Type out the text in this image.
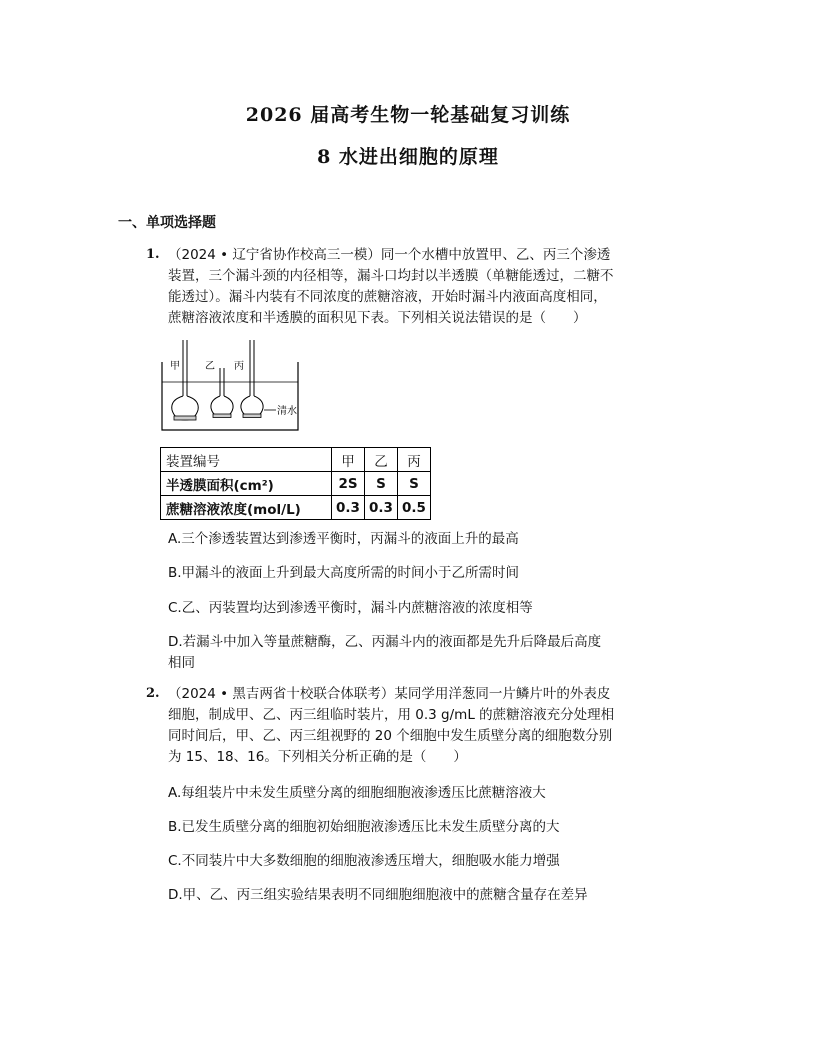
2026 届高考生物一轮基础复习训练
8 水进出细胞的原理
一、单项选择题
1. （2024 • 辽宁省协作校高三一模）同一个水槽中放置甲、乙、丙三个渗透
装置，三个漏斗颈的内径相等，漏斗口均封以半透膜（单糖能透过，二糖不
能透过）。漏斗内装有不同浓度的蔗糖溶液，开始时漏斗内液面高度相同，
蔗糖溶液浓度和半透膜的面积见下表。下列相关说法错误的是（　　）
甲	乙 丙
清水
装置编号	甲	乙	丙
半透膜面积(cm²)	2S	S	S
蔗糖溶液浓度(mol/L)	0.3	0.3	0.5
A.三个渗透装置达到渗透平衡时，丙漏斗的液面上升的最高
B.甲漏斗的液面上升到最大高度所需的时间小于乙所需时间
C.乙、丙装置均达到渗透平衡时，漏斗内蔗糖溶液的浓度相等
D.若漏斗中加入等量蔗糖酶，乙、丙漏斗内的液面都是先升后降最后高度
相同
2. （2024 • 黑吉两省十校联合体联考）某同学用洋葱同一片鳞片叶的外表皮
细胞，制成甲、乙、丙三组临时装片，用 0.3 g/mL 的蔗糖溶液充分处理相
同时间后，甲、乙、丙三组视野的 20 个细胞中发生质壁分离的细胞数分别
为 15、18、16。下列相关分析正确的是（　　）
A.每组装片中未发生质壁分离的细胞细胞液渗透压比蔗糖溶液大
B.已发生质壁分离的细胞初始细胞液渗透压比未发生质壁分离的大
C.不同装片中大多数细胞的细胞液渗透压增大，细胞吸水能力增强
D.甲、乙、丙三组实验结果表明不同细胞细胞液中的蔗糖含量存在差异
